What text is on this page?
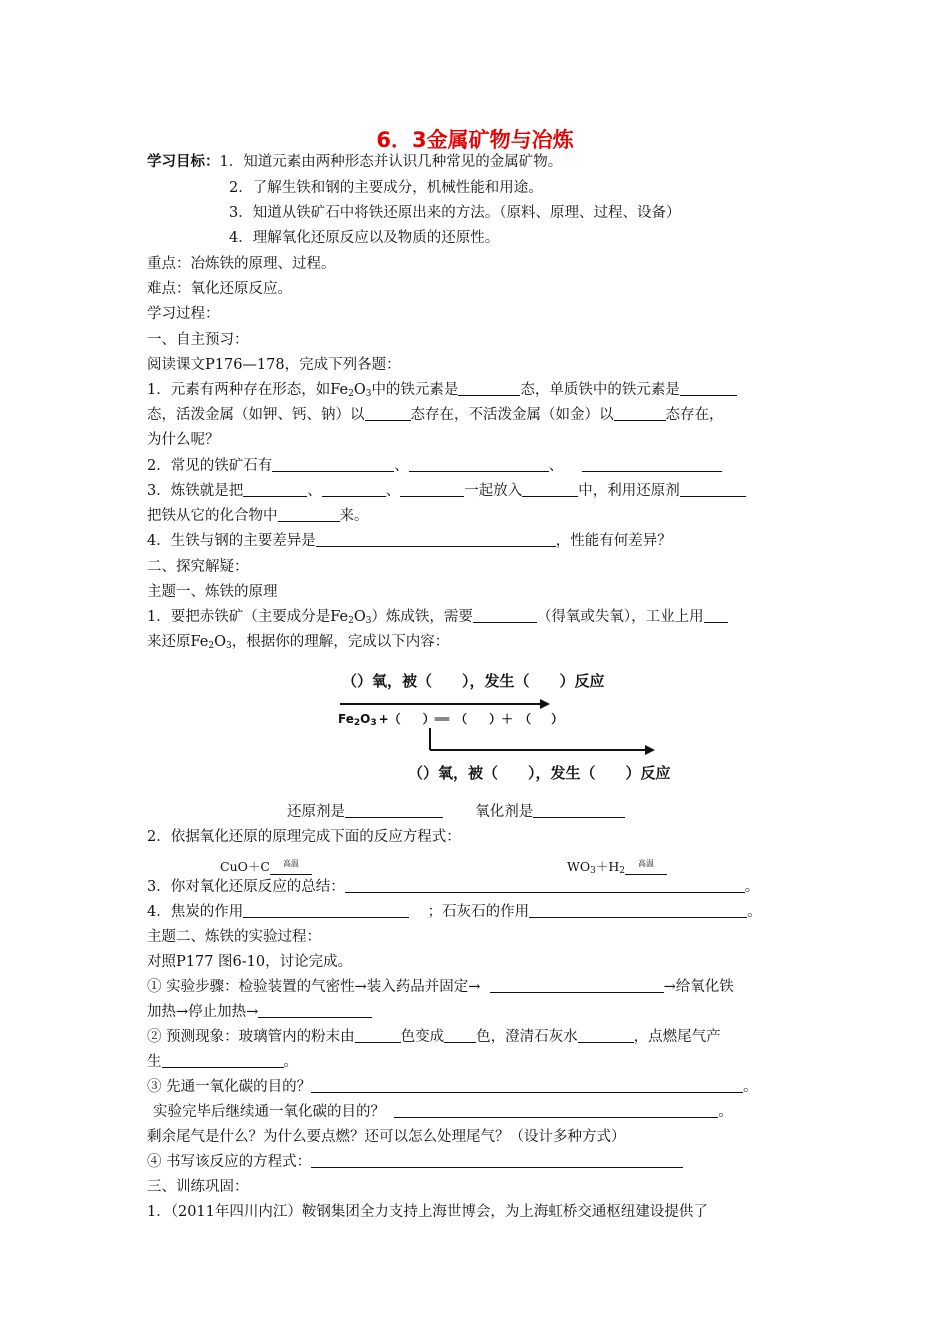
6．3金属矿物与冶炼
学习目标：1．知道元素由两种形态并认识几种常见的金属矿物。
2．了解生铁和钢的主要成分，机械性能和用途。
3．知道从铁矿石中将铁还原出来的方法。（原料、原理、过程、设备）
4．理解氧化还原反应以及物质的还原性。
重点：冶炼铁的原理、过程。
难点：氧化还原反应。
学习过程：
一、自主预习：
阅读课文P176—178，完成下列各题：
1．元素有两种存在形态，如$Fe_2O_3$中的铁元素是	态，单质铁中的铁元素是
态，活泼金属（如钾、钙、钠）以	态存在，不活泼金属（如金）以	态存在，
为什么呢？
2．常见的铁矿石有	、	、
3．炼铁就是把	、	、	一起放入	中，利用还原剂
把铁从它的化合物中	来。
4．生铁与钢的主要差异是	，性能有何差异？
二、探究解疑：
主题一、炼铁的原理
1．要把赤铁矿（主要成分是$Fe_2O_3$）炼成铁，需要	（得氧或失氧），工业上用
来还原$Fe_2O_3$，根据你的理解，完成以下内容：
（）氧，被（　　），发生（　　）反应
$Fe_2O_3$ +（ ）══　（ ）＋　（ ）
（）氧，被（　　），发生（　　）反应
还原剂是	氧化剂是
2．依据氧化还原的原理完成下面的反应方程式：
CuO＋C 高温	$WO_3+H_2$高温
3．你对氧化还原反应的总结：	。
4．焦炭的作用	；石灰石的作用	。
主题二、炼铁的实验过程：
对照P177 图6-10，讨论完成。
① 实验步骤：检验装置的气密性→装入药品并固定→	→给氧化铁
加热→停止加热→
② 预测现象：玻璃管内的粉末由	色变成 色，澄清石灰水	，点燃尾气产
生	。
③ 先通一氧化碳的目的？	。
实验完毕后继续通一氧化碳的目的？	。
剩余尾气是什么？为什么要点燃？还可以怎么处理尾气？（设计多种方式）
④ 书写该反应的方程式：
三、训练巩固：
1．（2011年四川内江）鞍钢集团全力支持上海世博会，为上海虹桥交通枢纽建设提供了
